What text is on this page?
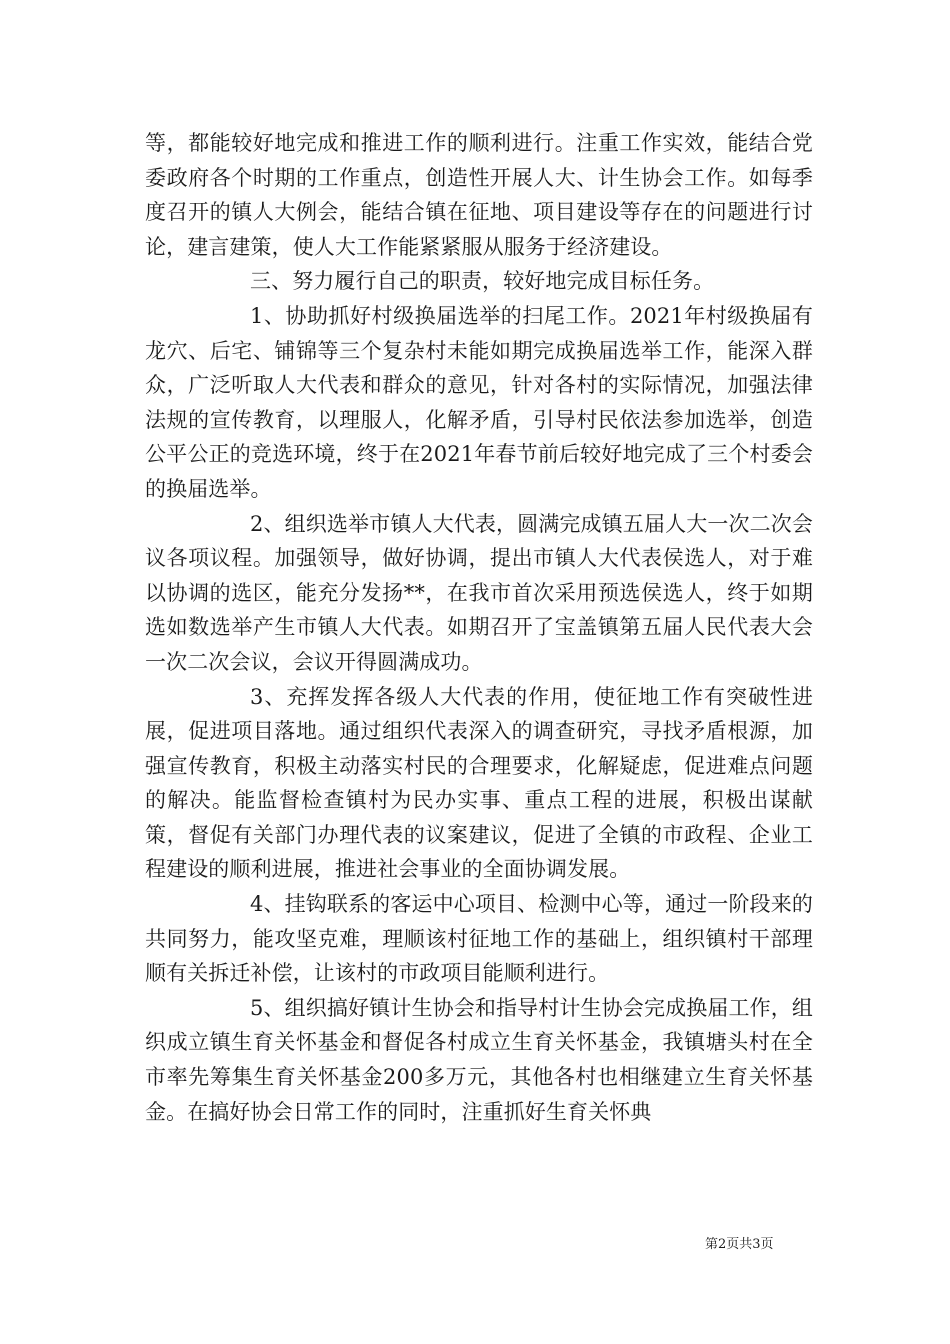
等，都能较好地完成和推进工作的顺利进行。注重工作实效，能结合党委政府各个时期的工作重点，创造性开展人大、计生协会工作。如每季度召开的镇人大例会，能结合镇在征地、项目建设等存在的问题进行讨论，建言建策，使人大工作能紧紧服从服务于经济建设。

三、努力履行自己的职责，较好地完成目标任务。

1、协助抓好村级换届选举的扫尾工作。2021年村级换届有龙穴、后宅、铺锦等三个复杂村未能如期完成换届选举工作，能深入群众，广泛听取人大代表和群众的意见，针对各村的实际情况，加强法律法规的宣传教育，以理服人，化解矛盾，引导村民依法参加选举，创造公平公正的竞选环境，终于在2021年春节前后较好地完成了三个村委会的换届选举。

2、组织选举市镇人大代表，圆满完成镇五届人大一次二次会议各项议程。加强领导，做好协调，提出市镇人大代表侯选人，对于难以协调的选区，能充分发扬**，在我市首次采用预选侯选人，终于如期选如数选举产生市镇人大代表。如期召开了宝盖镇第五届人民代表大会一次二次会议，会议开得圆满成功。

3、充挥发挥各级人大代表的作用，使征地工作有突破性进展，促进项目落地。通过组织代表深入的调查研究，寻找矛盾根源，加强宣传教育，积极主动落实村民的合理要求，化解疑虑，促进难点问题的解决。能监督检查镇村为民办实事、重点工程的进展，积极出谋献策，督促有关部门办理代表的议案建议，促进了全镇的市政程、企业工程建设的顺利进展，推进社会事业的全面协调发展。

4、挂钩联系的客运中心项目、检测中心等，通过一阶段来的共同努力，能攻坚克难，理顺该村征地工作的基础上，组织镇村干部理顺有关拆迁补偿，让该村的市政项目能顺利进行。

5、组织搞好镇计生协会和指导村计生协会完成换届工作，组织成立镇生育关怀基金和督促各村成立生育关怀基金，我镇塘头村在全市率先筹集生育关怀基金200多万元，其他各村也相继建立生育关怀基金。在搞好协会日常工作的同时，注重抓好生育关怀典

第2页共3页
